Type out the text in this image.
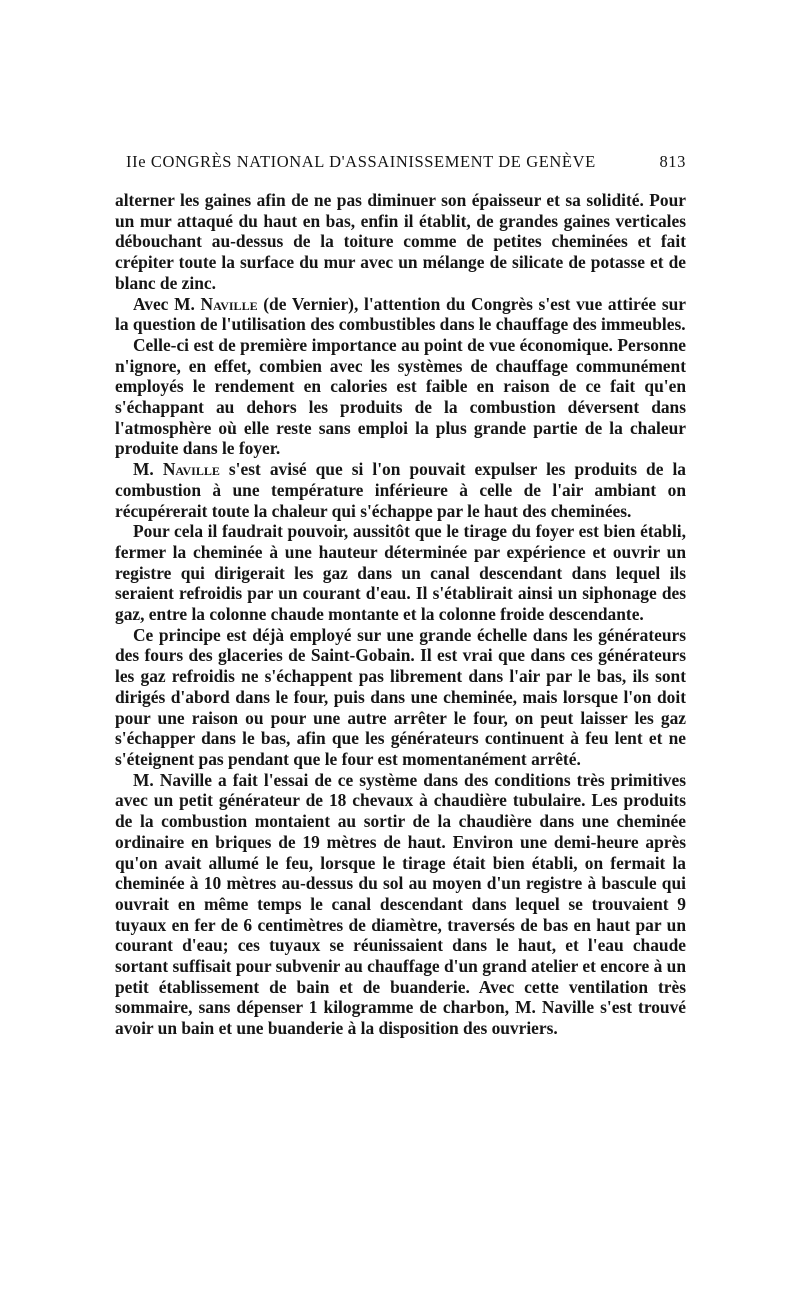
IIe CONGRÈS NATIONAL D'ASSAINISSEMENT DE GENÈVE	813

alterner les gaines afin de ne pas diminuer son épaisseur et sa solidité. Pour un mur attaqué du haut en bas, enfin il établit, de grandes gaines verticales débouchant au-dessus de la toiture comme de petites cheminées et fait crépiter toute la surface du mur avec un mélange de silicate de potasse et de blanc de zinc.

Avec M. Naville (de Vernier), l'attention du Congrès s'est vue attirée sur la question de l'utilisation des combustibles dans le chauffage des immeubles.

Celle-ci est de première importance au point de vue économique. Personne n'ignore, en effet, combien avec les systèmes de chauffage communément employés le rendement en calories est faible en raison de ce fait qu'en s'échappant au dehors les produits de la combustion déversent dans l'atmosphère où elle reste sans emploi la plus grande partie de la chaleur produite dans le foyer.

M. Naville s'est avisé que si l'on pouvait expulser les produits de la combustion à une température inférieure à celle de l'air ambiant on récupérerait toute la chaleur qui s'échappe par le haut des cheminées.

Pour cela il faudrait pouvoir, aussitôt que le tirage du foyer est bien établi, fermer la cheminée à une hauteur déterminée par expérience et ouvrir un registre qui dirigerait les gaz dans un canal descendant dans lequel ils seraient refroidis par un courant d'eau. Il s'établirait ainsi un siphonage des gaz, entre la colonne chaude montante et la colonne froide descendante.

Ce principe est déjà employé sur une grande échelle dans les générateurs des fours des glaceries de Saint-Gobain. Il est vrai que dans ces générateurs les gaz refroidis ne s'échappent pas librement dans l'air par le bas, ils sont dirigés d'abord dans le four, puis dans une cheminée, mais lorsque l'on doit pour une raison ou pour une autre arrêter le four, on peut laisser les gaz s'échapper dans le bas, afin que les générateurs continuent à feu lent et ne s'éteignent pas pendant que le four est momentanément arrêté.

M. Naville a fait l'essai de ce système dans des conditions très primitives avec un petit générateur de 18 chevaux à chaudière tubulaire. Les produits de la combustion montaient au sortir de la chaudière dans une cheminée ordinaire en briques de 19 mètres de haut. Environ une demi-heure après qu'on avait allumé le feu, lorsque le tirage était bien établi, on fermait la cheminée à 10 mètres au-dessus du sol au moyen d'un registre à bascule qui ouvrait en même temps le canal descendant dans lequel se trouvaient 9 tuyaux en fer de 6 centimètres de diamètre, traversés de bas en haut par un courant d'eau; ces tuyaux se réunissaient dans le haut, et l'eau chaude sortant suffisait pour subvenir au chauffage d'un grand atelier et encore à un petit établissement de bain et de buanderie. Avec cette ventilation très sommaire, sans dépenser 1 kilogramme de charbon, M. Naville s'est trouvé avoir un bain et une buanderie à la disposition des ouvriers.
